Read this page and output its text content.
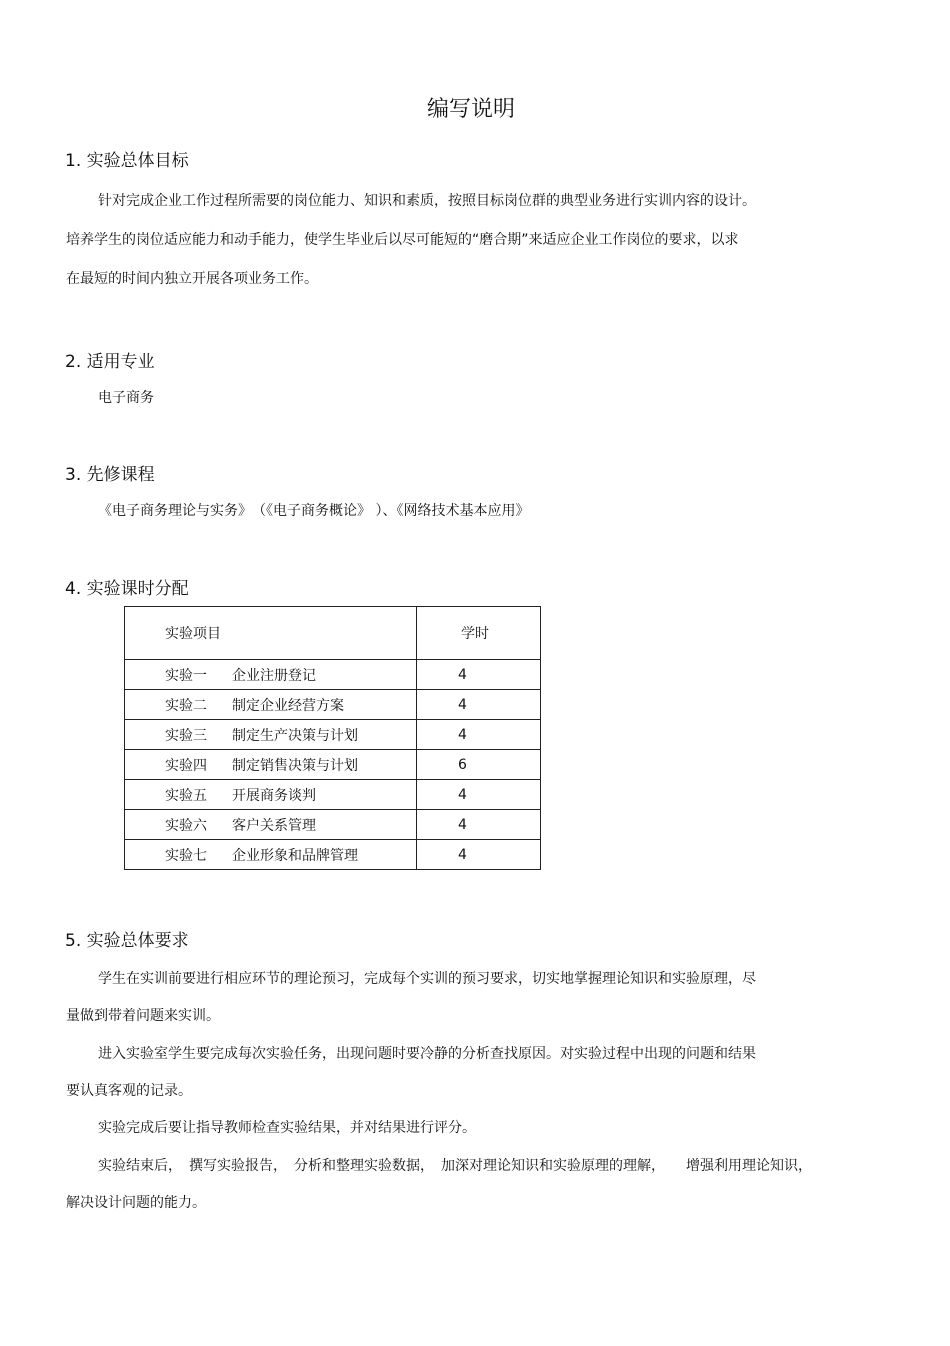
编写说明
1. 实验总体目标
针对完成企业工作过程所需要的岗位能力、知识和素质，按照目标岗位群的典型业务进行实训内容的设计。
培养学生的岗位适应能力和动手能力，使学生毕业后以尽可能短的“磨合期”来适应企业工作岗位的要求，以求
在最短的时间内独立开展各项业务工作。
2. 适用专业
电子商务
3. 先修课程
《电子商务理论与实务》　（《电子商务概论》 ）、《网络技术基本应用》
4. 实验课时分配
实验项目	学时
实验一 企业注册登记	4
实验二 制定企业经营方案	4
实验三 制定生产决策与计划	4
实验四 制定销售决策与计划	6
实验五 开展商务谈判	4
实验六 客户关系管理	4
实验七 企业形象和品牌管理	4
5. 实验总体要求
学生在实训前要进行相应环节的理论预习，完成每个实训的预习要求，切实地掌握理论知识和实验原理，尽
量做到带着问题来实训。
进入实验室学生要完成每次实验任务，出现问题时要冷静的分析查找原因。对实验过程中出现的问题和结果
要认真客观的记录。
实验完成后要让指导教师检查实验结果，并对结果进行评分。
实验结束后，　撰写实验报告，　分析和整理实验数据，　加深对理论知识和实验原理的理解，　　增强利用理论知识，
解决设计问题的能力。
